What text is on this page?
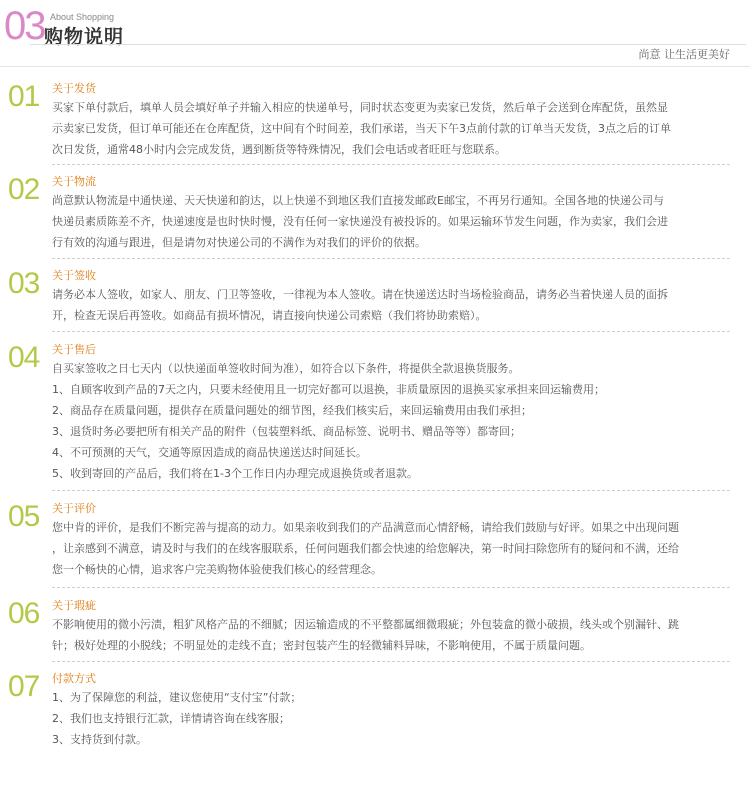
03 About Shopping
购物说明
尚意 让生活更美好
01 关于发货

买家下单付款后，填单人员会填好单子并输入相应的快递单号，同时状态变更为卖家已发货，然后单子会送到仓库配货，虽然显

示卖家已发货，但订单可能还在仓库配货，这中间有个时间差，我们承诺，当天下午3点前付款的订单当天发货，3点之后的订单

次日发货，通常48小时内会完成发货，遇到断货等特殊情况，我们会电话或者旺旺与您联系。

02 关于物流

尚意默认物流是中通快递、天天快递和韵达，以上快递不到地区我们直接发邮政E邮宝，不再另行通知。全国各地的快递公司与

快递员素质陈差不齐，快递速度是也时快时慢，没有任何一家快递没有被投诉的。如果运输环节发生问题，作为卖家，我们会进

行有效的沟通与跟进，但是请勿对快递公司的不满作为对我们的评价的依据。

03 关于签收

请务必本人签收，如家人、朋友、门卫等签收，一律视为本人签收。请在快递送达时当场检验商品，请务必当着快递人员的面拆

开，检查无误后再签收。如商品有损坏情况，请直接向快递公司索赔（我们将协助索赔）。

04 关于售后

自买家签收之日七天内（以快递面单签收时间为准），如符合以下条件，将提供全款退换货服务。

1、自顾客收到产品的7天之内，只要未经使用且一切完好都可以退换，非质量原因的退换买家承担来回运输费用；

2、商品存在质量问题，提供存在质量问题处的细节图，经我们核实后，来回运输费用由我们承担；

3、退货时务必要把所有相关产品的附件（包装塑料纸、商品标签、说明书、赠品等等）都寄回；

4、不可预测的天气，交通等原因造成的商品快递送达时间延长。

5、收到寄回的产品后，我们将在1-3个工作日内办理完成退换货或者退款。

05 关于评价

您中肯的评价，是我们不断完善与提高的动力。如果亲收到我们的产品满意而心情舒畅，请给我们鼓励与好评。如果之中出现问题

，让亲感到不满意，请及时与我们的在线客服联系，任何问题我们都会快速的给您解决，第一时间扫除您所有的疑问和不满，还给

您一个畅快的心情，追求客户完美购物体验使我们核心的经营理念。

06 关于瑕疵

不影响使用的微小污渍，粗犷风格产品的不细腻；因运输造成的不平整都属细微瑕疵；外包装盒的微小破损，线头或个别漏针、跳

针；极好处理的小脱线；不明显处的走线不直；密封包装产生的轻微辅料异味，不影响使用，不属于质量问题。

07 付款方式

1、为了保障您的利益，建议您使用“支付宝”付款；

2、我们也支持银行汇款，详情请咨询在线客服；

3、支持货到付款。
